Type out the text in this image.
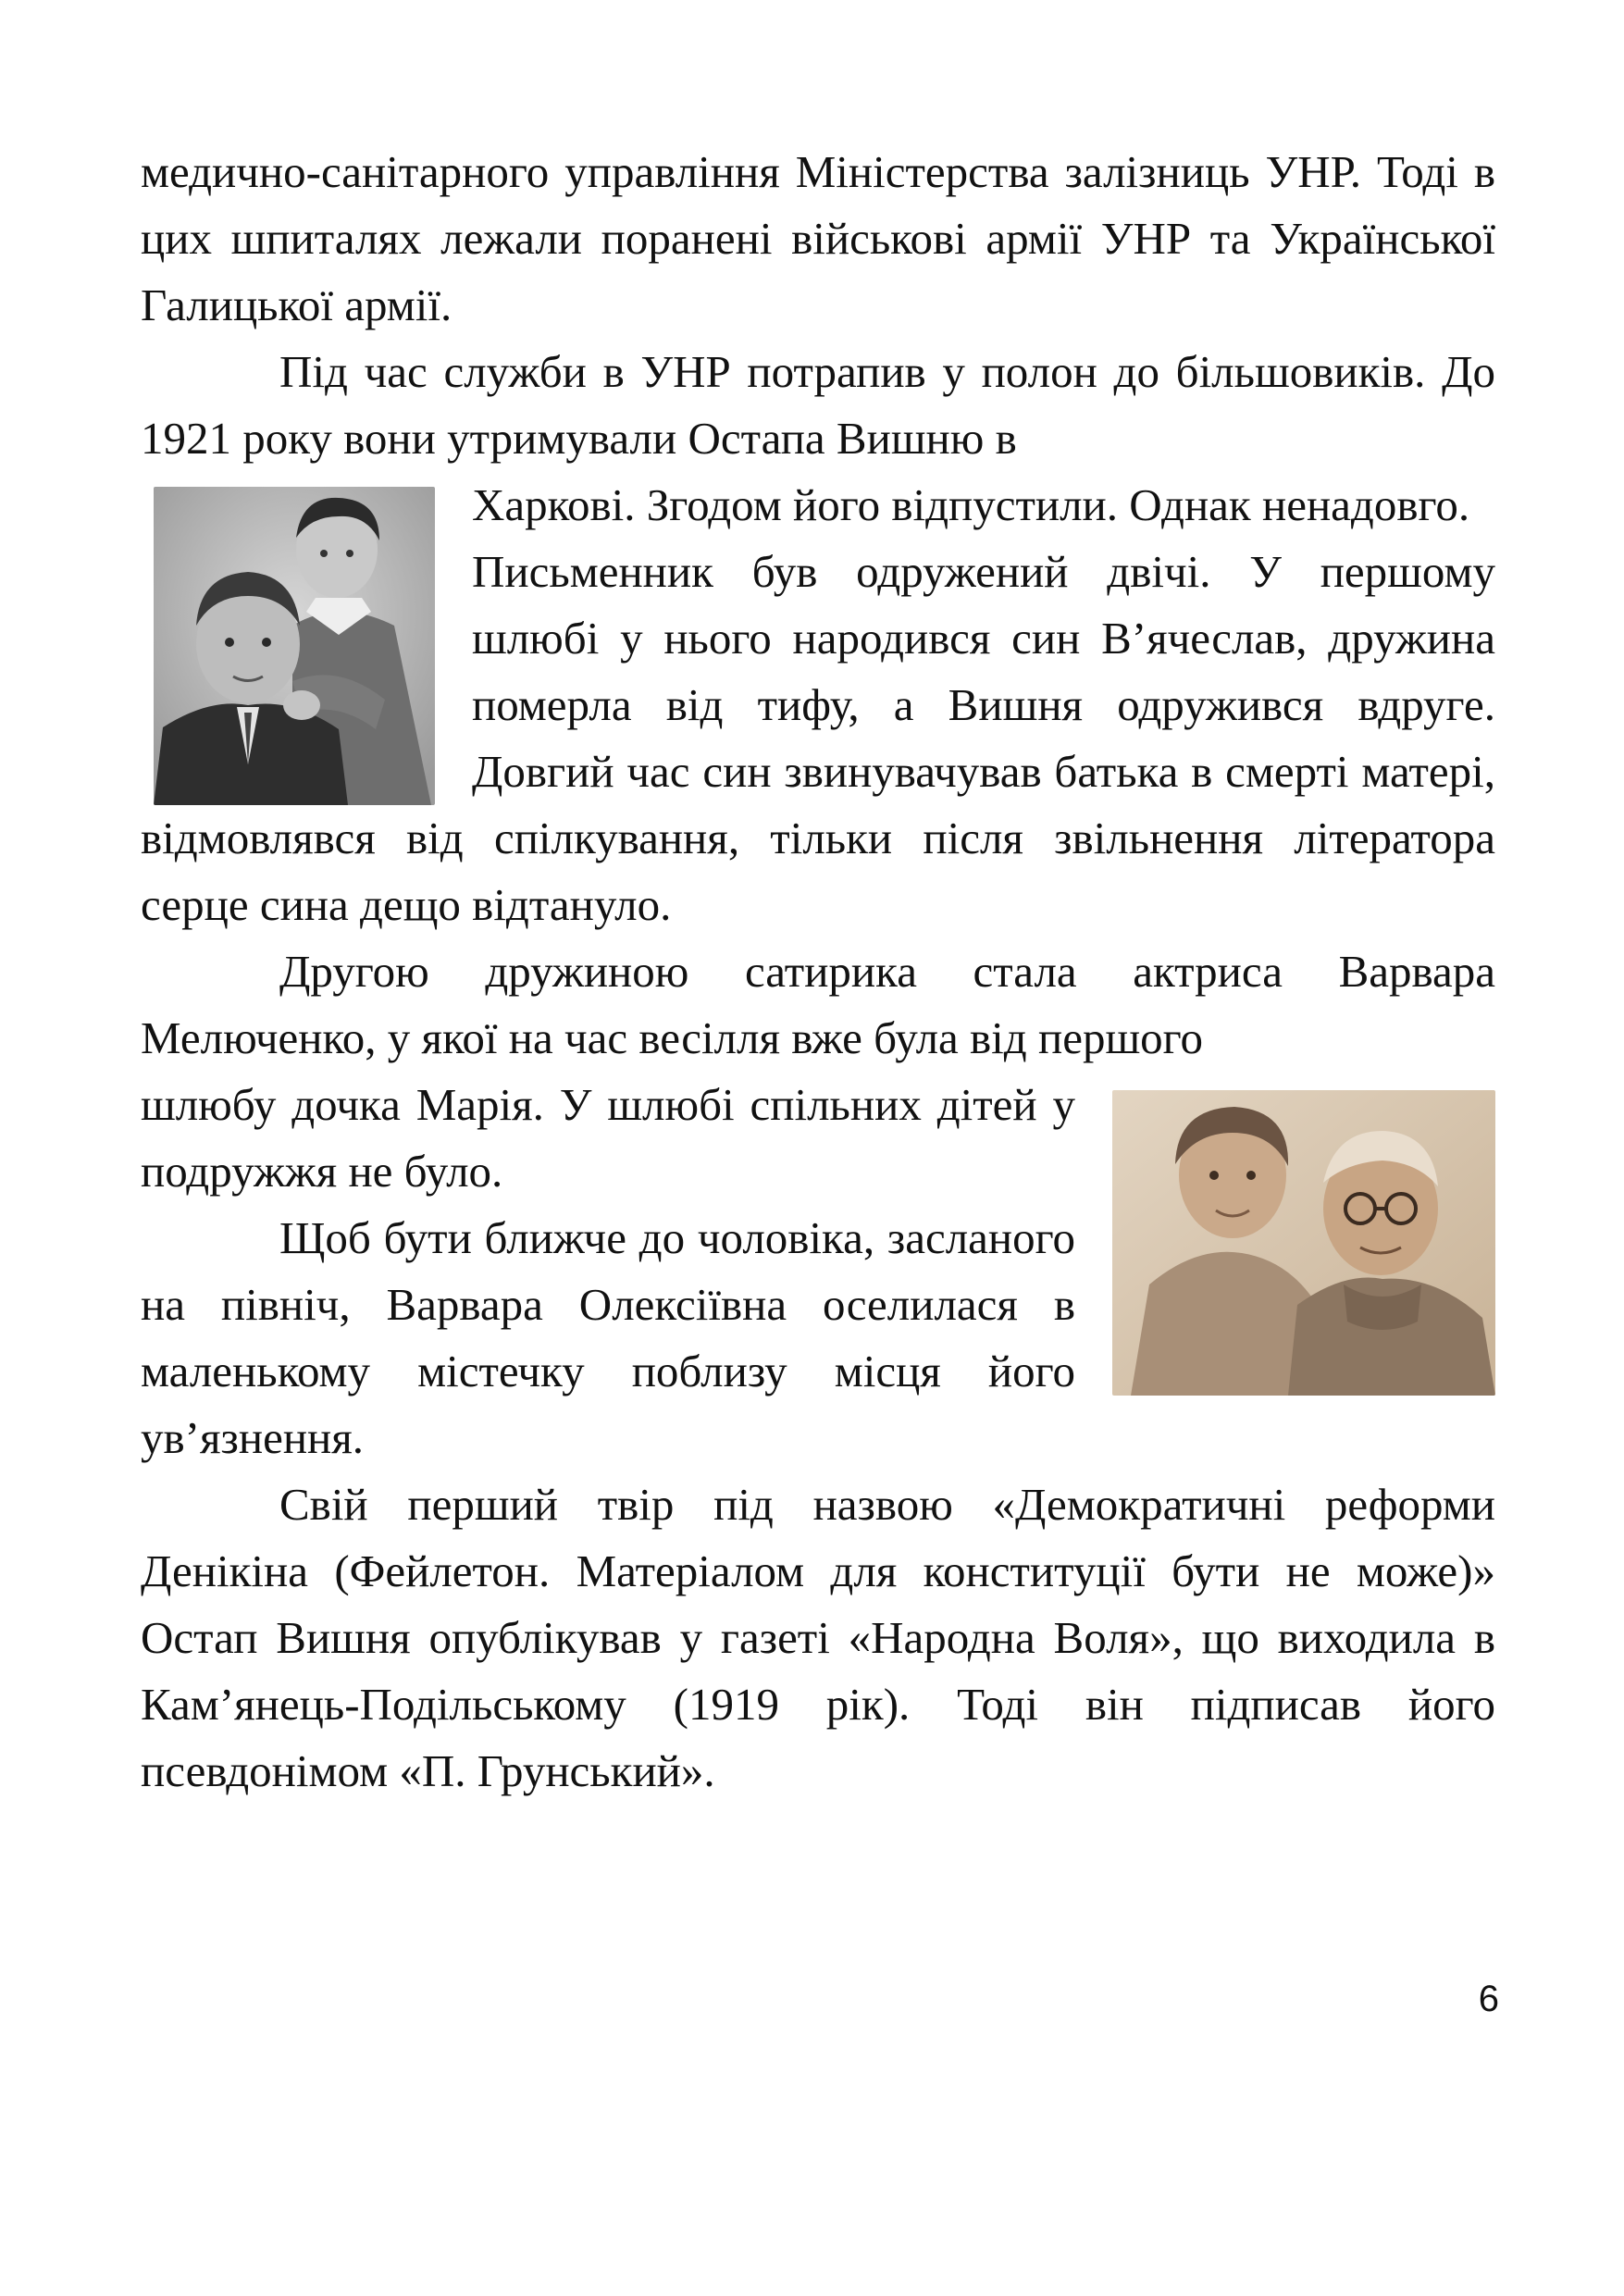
медично-санітарного управління Міністерства залізниць УНР. Тоді в цих шпиталях лежали поранені військові армії УНР та Української Галицької армії.

Під час служби в УНР потрапив у полон до більшовиків. До 1921 року вони утримували Остапа Вишню в

Харкові. Згодом його відпустили. Однак ненадовго.

Письменник був одружений двічі. У першому шлюбі у нього народився син В’ячеслав, дружина померла від тифу, а Вишня одружився вдруге. Довгий час син звинувачував батька в смерті матері, відмовлявся від спілкування, тільки після звільнення літератора серце сина дещо відтануло.

Другою дружиною сатирика стала актриса Варвара Мелюченко, у якої на час весілля вже була від першого

шлюбу дочка Марія. У шлюбі спільних дітей у подружжя не було.

Щоб бути ближче до чоловіка, засланого на північ, Варвара Олексіївна оселилася в маленькому містечку поблизу місця його ув’язнення.

Свій перший твір під назвою «Демократичні реформи Денікіна (Фейлетон. Матеріалом для конституції бути не може)» Остап Вишня опублікував у газеті «Народна Воля», що виходила в Кам’янець-Подільському (1919 рік). Тоді він підписав його псевдонімом «П. Грунський».

6
